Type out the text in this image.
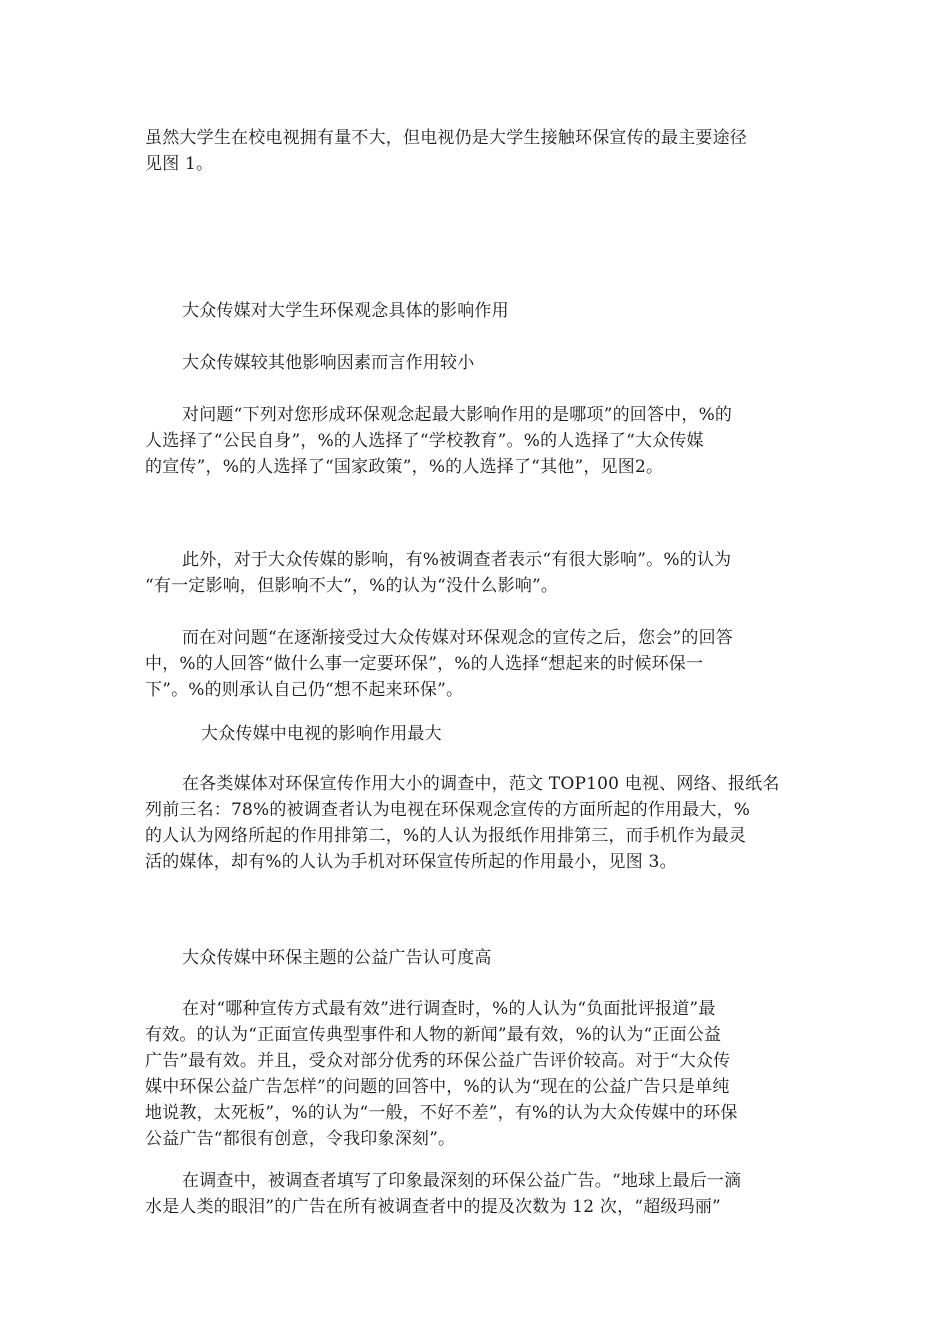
虽然大学生在校电视拥有量不大，但电视仍是大学生接触环保宣传的最主要途径
见图 1。
大众传媒对大学生环保观念具体的影响作用
大众传媒较其他影响因素而言作用较小
对问题“下列对您形成环保观念起最大影响作用的是哪项”的回答中，%的
人选择了“公民自身”，%的人选择了“学校教育”。%的人选择了“大众传媒
的宣传”，%的人选择了“国家政策”，%的人选择了“其他”，见图2。
此外，对于大众传媒的影响，有%被调查者表示“有很大影响”。%的认为
“有一定影响，但影响不大”，%的认为“没什么影响”。
而在对问题“在逐渐接受过大众传媒对环保观念的宣传之后，您会”的回答
中，%的人回答“做什么事一定要环保”，%的人选择“想起来的时候环保一
下”。%的则承认自己仍“想不起来环保”。
大众传媒中电视的影响作用最大
在各类媒体对环保宣传作用大小的调查中，范文 TOP100 电视、网络、报纸名
列前三名：78%的被调查者认为电视在环保观念宣传的方面所起的作用最大，%
的人认为网络所起的作用排第二，%的人认为报纸作用排第三，而手机作为最灵
活的媒体，却有%的人认为手机对环保宣传所起的作用最小，见图 3。
大众传媒中环保主题的公益广告认可度高
在对“哪种宣传方式最有效”进行调查时，%的人认为“负面批评报道”最
有效。的认为“正面宣传典型事件和人物的新闻”最有效，%的认为“正面公益
广告”最有效。并且，受众对部分优秀的环保公益广告评价较高。对于“大众传
媒中环保公益广告怎样”的问题的回答中，%的认为“现在的公益广告只是单纯
地说教，太死板”，%的认为“一般，不好不差”，有%的认为大众传媒中的环保
公益广告“都很有创意，令我印象深刻”。
在调查中，被调查者填写了印象最深刻的环保公益广告。“地球上最后一滴
水是人类的眼泪”的广告在所有被调查者中的提及次数为 12 次，“超级玛丽”
